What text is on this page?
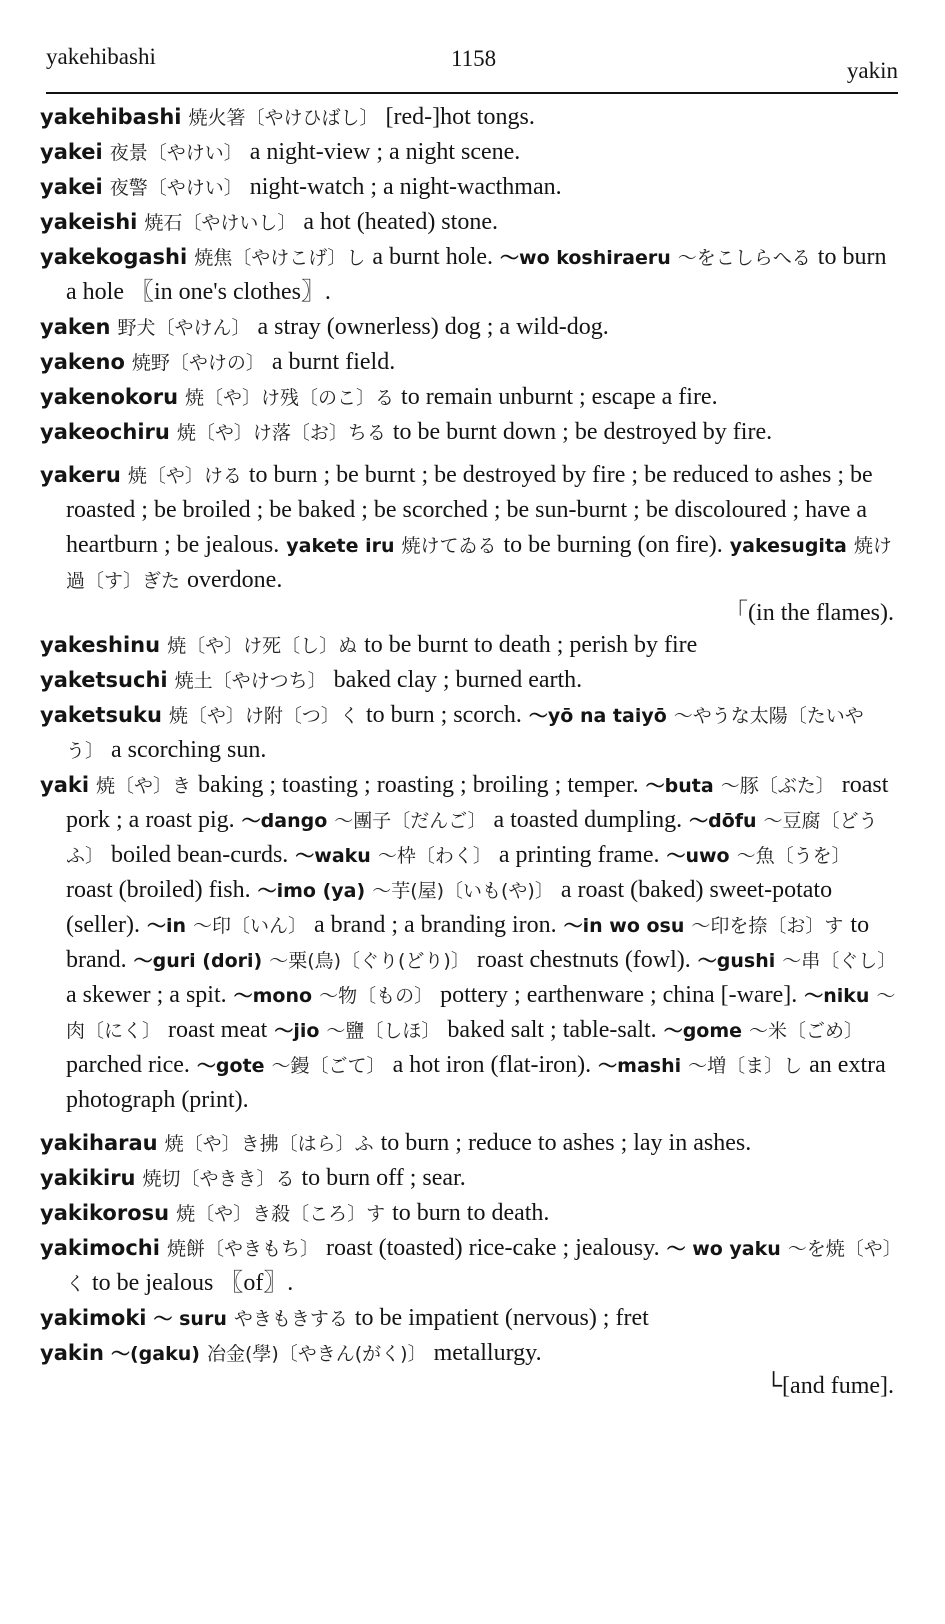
yakehibashi	1158	yakin

yakehibashi 焼火箸〔やけひばし〕 [red-]hot tongs.

yakei 夜景〔やけい〕 a night-view ; a night scene.

yakei 夜警〔やけい〕 night-watch ; a night-wacthman.

yakeishi 焼石〔やけいし〕 a hot (heated) stone.

yakekogashi 焼焦〔やけこげ〕し a burnt hole. ～wo koshiraeru ～をこしらへる to burn a hole 〖in one's clothes〗.

yaken 野犬〔やけん〕 a stray (ownerless) dog ; a wild-dog.

yakeno 焼野〔やけの〕 a burnt field.

yakenokoru 焼〔や〕け残〔のこ〕る to remain unburnt ; escape a fire.

yakeochiru 焼〔や〕け落〔お〕ちる to be burnt down ; be destroyed by fire.

yakeru 焼〔や〕ける to burn ; be burnt ; be destroyed by fire ; be reduced to ashes ; be roasted ; be broiled ; be baked ; be scorched ; be sun-burnt ; be discoloured ; have a heartburn ; be jealous. yakete iru 焼けてゐる to be burning (on fire). yakesugita 焼け過〔す〕ぎた overdone.
「(in the flames).

yakeshinu 焼〔や〕け死〔し〕ぬ to be burnt to death ; perish by fire

yaketsuchi 焼土〔やけつち〕 baked clay ; burned earth.

yaketsuku 焼〔や〕け附〔つ〕く to burn ; scorch. ～yō na taiyō ～やうな太陽〔たいやう〕 a scorching sun.

yaki 焼〔や〕き baking ; toasting ; roasting ; broiling ; temper. ～buta ～豚〔ぶた〕 roast pork ; a roast pig. ～dango ～團子〔だんご〕 a toasted dumpling. ～dōfu ～豆腐〔どうふ〕 boiled bean-curds. ～waku ～枠〔わく〕 a printing frame. ～uwo ～魚〔うを〕 roast (broiled) fish. ～imo (ya) ～芋(屋)〔いも(や)〕 a roast (baked) sweet-potato (seller). ～in ～印〔いん〕 a brand ; a branding iron. ～in wo osu ～印を捺〔お〕す to brand. ～guri (dori) ～栗(鳥)〔ぐり(どり)〕 roast chestnuts (fowl). ～gushi ～串〔ぐし〕 a skewer ; a spit. ～mono ～物〔もの〕 pottery ; earthenware ; china [-ware]. ～niku ～肉〔にく〕 roast meat ～jio ～鹽〔しほ〕 baked salt ; table-salt. ～gome ～米〔ごめ〕 parched rice. ～gote ～鏝〔ごて〕 a hot iron (flat-iron). ～mashi ～増〔ま〕し an extra photograph (print).

yakiharau 焼〔や〕き拂〔はら〕ふ to burn ; reduce to ashes ; lay in ashes.

yakikiru 焼切〔やきき〕る to burn off ; sear.

yakikorosu 焼〔や〕き殺〔ころ〕す to burn to death.

yakimochi 焼餅〔やきもち〕 roast (toasted) rice-cake ; jealousy. ～ wo yaku ～を焼〔や〕く to be jealous 〖of〗.

yakimoki ～ suru やきもきする to be impatient (nervous) ; fret

yakin ～(gaku) 冶金(學)〔やきん(がく)〕 metallurgy.
└[and fume].
